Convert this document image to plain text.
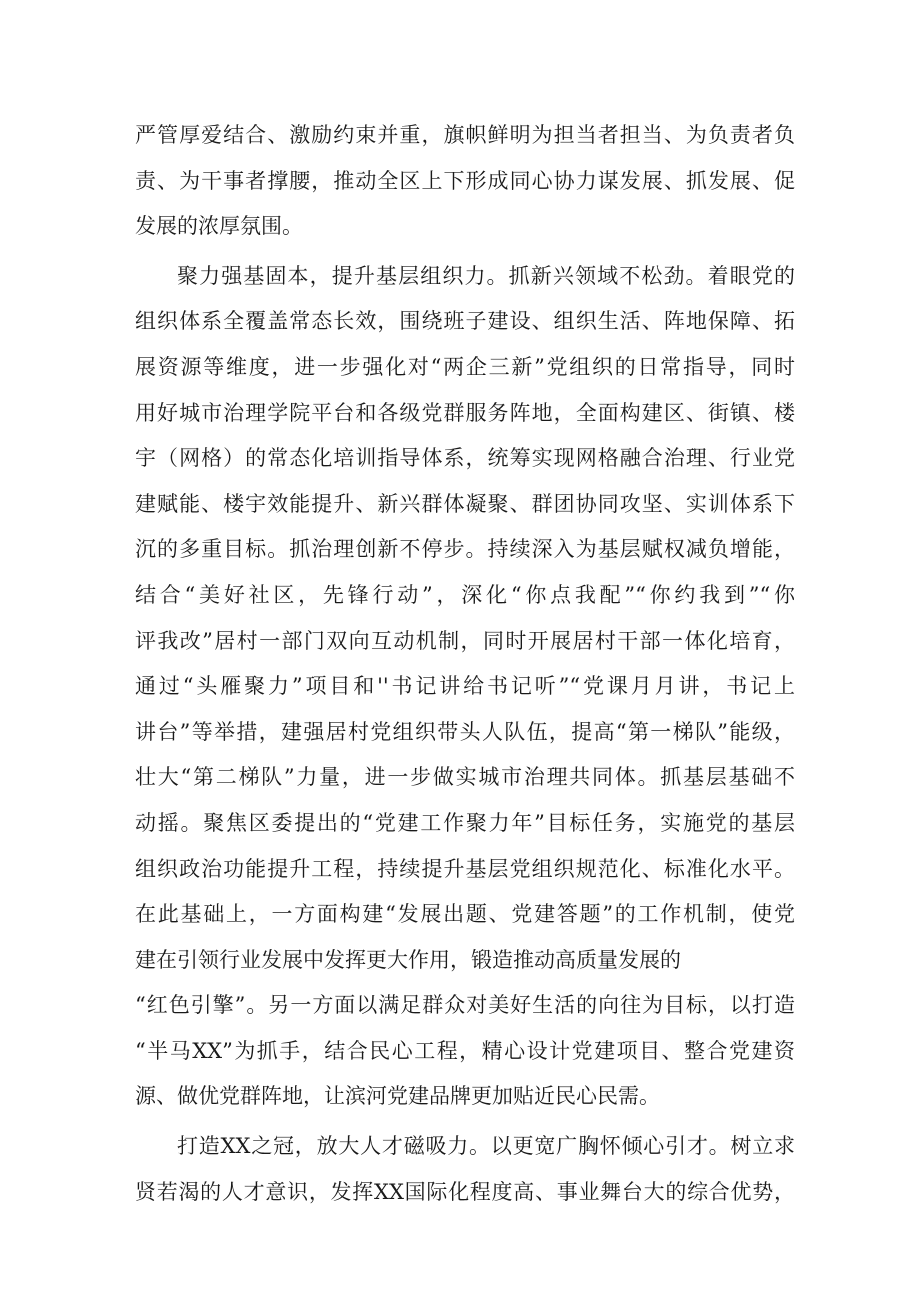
严管厚爱结合、激励约束并重，旗帜鲜明为担当者担当、为负责者负
责、为干事者撑腰，推动全区上下形成同心协力谋发展、抓发展、促
发展的浓厚氛围。
聚力强基固本，提升基层组织力。抓新兴领域不松劲。着眼党的
组织体系全覆盖常态长效，围绕班子建设、组织生活、阵地保障、拓
展资源等维度，进一步强化对“两企三新”党组织的日常指导，同时
用好城市治理学院平台和各级党群服务阵地，全面构建区、街镇、楼
宇（网格）的常态化培训指导体系，统筹实现网格融合治理、行业党
建赋能、楼宇效能提升、新兴群体凝聚、群团协同攻坚、实训体系下
沉的多重目标。抓治理创新不停步。持续深入为基层赋权减负增能，
结合“美好社区，先锋行动”，深化“你点我配”“你约我到”“你
评我改”居村一部门双向互动机制，同时开展居村干部一体化培育，
通过“头雁聚力”项目和''书记讲给书记听”“党课月月讲，书记上
讲台”等举措，建强居村党组织带头人队伍，提高“第一梯队”能级，
壮大“第二梯队”力量，进一步做实城市治理共同体。抓基层基础不
动摇。聚焦区委提出的“党建工作聚力年”目标任务，实施党的基层
组织政治功能提升工程，持续提升基层党组织规范化、标准化水平。
在此基础上，一方面构建“发展出题、党建答题”的工作机制，使党
建在引领行业发展中发挥更大作用，锻造推动高质量发展的
“红色引擎”。另一方面以满足群众对美好生活的向往为目标，以打造
“半马XX”为抓手，结合民心工程，精心设计党建项目、整合党建资
源、做优党群阵地，让滨河党建品牌更加贴近民心民需。
打造XX之冠，放大人才磁吸力。以更宽广胸怀倾心引才。树立求
贤若渴的人才意识，发挥XX国际化程度高、事业舞台大的综合优势，
